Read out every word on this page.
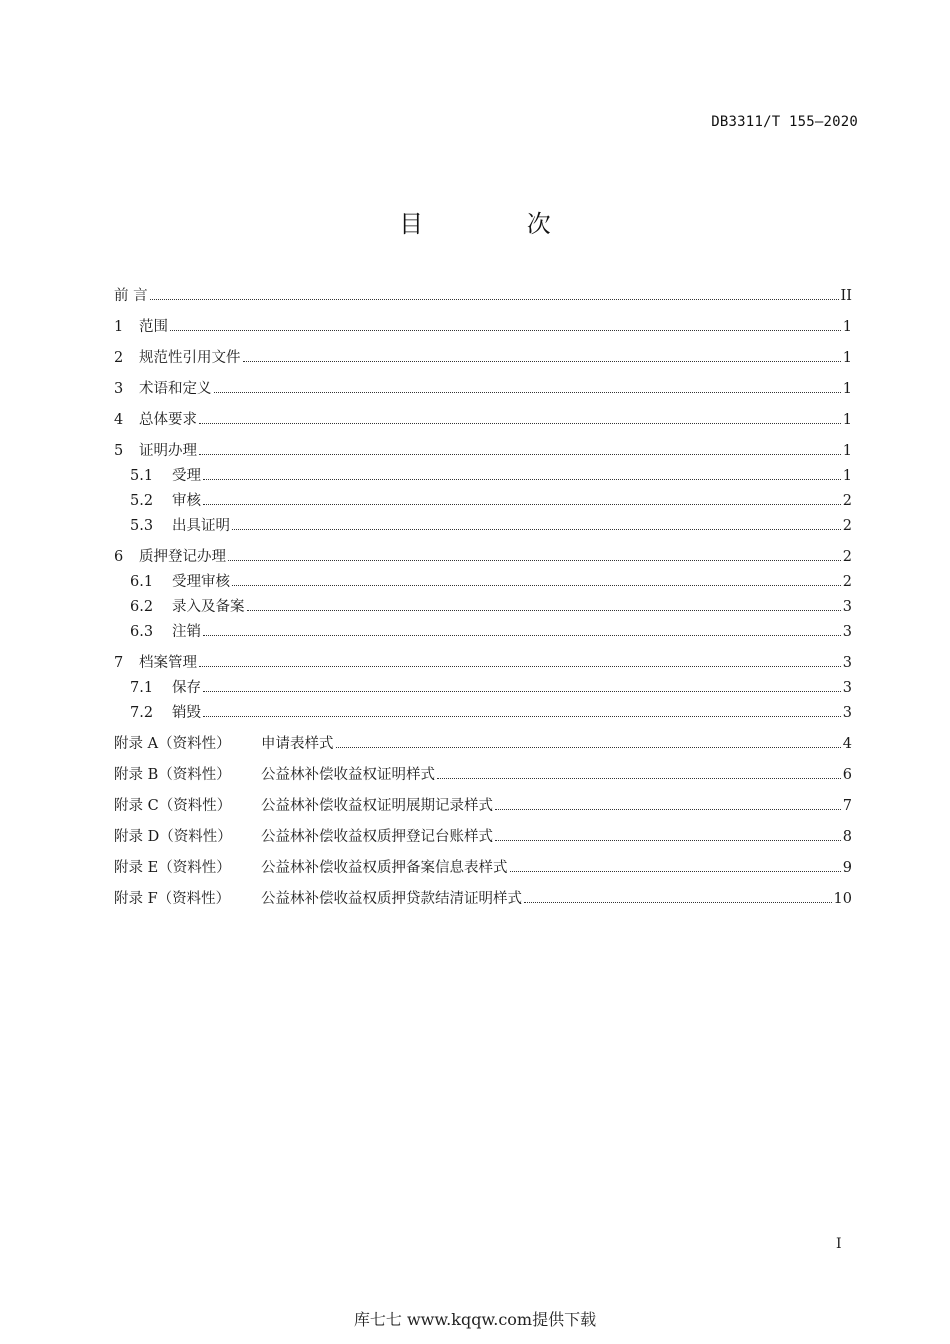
DB3311/T 155—2020
目 次
前 言	II
1	范围	1
2	规范性引用文件	1
3	术语和定义	1
4	总体要求	1
5	证明办理	1
5.1	受理	1
5.2	审核	2
5.3	出具证明	2
6	质押登记办理	2
6.1	受理审核	2
6.2	录入及备案	3
6.3	注销	3
7	档案管理	3
7.1	保存	3
7.2	销毁	3
附录 A（资料性）	申请表样式	4
附录 B（资料性）	公益林补偿收益权证明样式	6
附录 C（资料性）	公益林补偿收益权证明展期记录样式	7
附录 D（资料性）	公益林补偿收益权质押登记台账样式	8
附录 E（资料性）	公益林补偿收益权质押备案信息表样式	9
附录 F（资料性）	公益林补偿收益权质押贷款结清证明样式	10
I
库七七 www.kqqw.com提供下载
